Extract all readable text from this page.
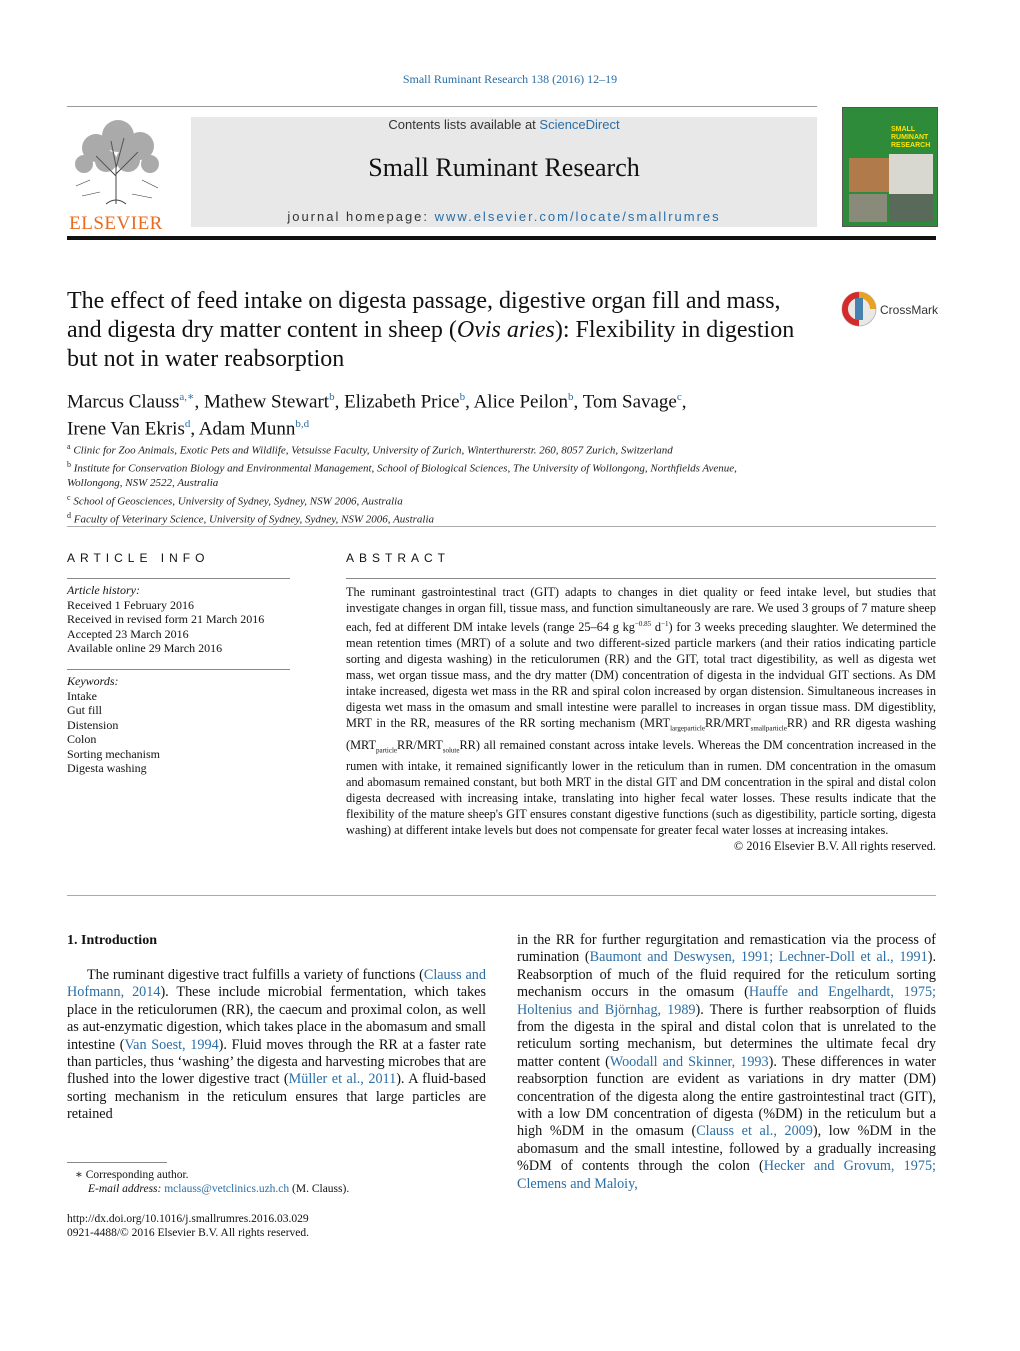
Small Ruminant Research 138 (2016) 12–19
ELSEVIER
Contents lists available at ScienceDirect
Small Ruminant Research
journal homepage: www.elsevier.com/locate/smallrumres
SMALL RUMINANT RESEARCH
The effect of feed intake on digesta passage, digestive organ fill and mass, and digesta dry matter content in sheep (Ovis aries): Flexibility in digestion but not in water reabsorption
CrossMark
Marcus Clauss$^{a,∗}$, Mathew Stewart$^b$, Elizabeth Price$^b$, Alice Peilon$^b$, Tom Savage$^c$,
Irene Van Ekris$^d$, Adam Munn$^{b,d}$
$^a$ Clinic for Zoo Animals, Exotic Pets and Wildlife, Vetsuisse Faculty, University of Zurich, Winterthurerstr. 260, 8057 Zurich, Switzerland
$^b$ Institute for Conservation Biology and Environmental Management, School of Biological Sciences, The University of Wollongong, Northfields Avenue,
Wollongong, NSW 2522, Australia
$^c$ School of Geosciences, University of Sydney, Sydney, NSW 2006, Australia
$^d$ Faculty of Veterinary Science, University of Sydney, Sydney, NSW 2006, Australia
ARTICLE INFO
Article history:
Received 1 February 2016
Received in revised form 21 March 2016
Accepted 23 March 2016
Available online 29 March 2016
Keywords:
Intake
Gut fill
Distension
Colon
Sorting mechanism
Digesta washing
ABSTRACT
The ruminant gastrointestinal tract (GIT) adapts to changes in diet quality or feed intake level, but studies that investigate changes in organ fill, tissue mass, and function simultaneously are rare. We used 3 groups of 7 mature sheep each, fed at different DM intake levels (range 25–64 g $kg^{-0.85}$ $d^{-1}$) for 3 weeks preceding slaughter. We determined the mean retention times (MRT) of a solute and two different-sized particle markers (and their ratios indicating particle sorting and digesta washing) in the reticulorumen (RR) and the GIT, total tract digestibility, as well as digesta wet mass, wet organ tissue mass, and the dry matter (DM) concentration of digesta in the indvidual GIT sections. As DM intake increased, digesta wet mass in the RR and spiral colon increased by organ distension. Simultaneous increases in digesta wet mass in the omasum and small intestine were parallel to increases in organ tissue mass. DM digestiblity, MRT in the RR, measures of the RR sorting mechanism $(MRT_{largeparticle}RR/MRT_{smallparticle}RR)$ and RR digesta washing $(MRT_{particle}RR/MRT_{solute}RR)$ all remained constant across intake levels. Whereas the DM concentration increased in the rumen with intake, it remained significantly lower in the reticulum than in rumen. DM concentration in the omasum and abomasum remained constant, but both MRT in the distal GIT and DM concentration in the spiral and distal colon digesta decreased with increasing intake, translating into higher fecal water losses. These results indicate that the flexibility of the mature sheep's GIT ensures constant digestive functions (such as digestibility, particle sorting, digesta washing) at different intake levels but does not compensate for greater fecal water losses at increasing intakes.
© 2016 Elsevier B.V. All rights reserved.
1. Introduction

The ruminant digestive tract fulfills a variety of functions (Clauss and Hofmann, 2014). These include microbial fermentation, which takes place in the reticulorumen (RR), the caecum and proximal colon, as well as aut-enzymatic digestion, which takes place in the abomasum and small intestine (Van Soest, 1994). Fluid moves through the RR at a faster rate than particles, thus ‘washing’ the digesta and harvesting microbes that are flushed into the lower digestive tract (Müller et al., 2011). A fluid-based sorting mechanism in the reticulum ensures that large particles are retained

in the RR for further regurgitation and remastication via the process of rumination (Baumont and Deswysen, 1991; Lechner-Doll et al., 1991). Reabsorption of much of the fluid required for the reticulum sorting mechanism occurs in the omasum (Hauffe and Engelhardt, 1975; Holtenius and Björnhag, 1989). There is further reabsorption of fluids from the digesta in the spiral and distal colon that is unrelated to the reticulum sorting mechanism, but determines the ultimate fecal dry matter content (Woodall and Skinner, 1993). These differences in water reabsorption function are evident as variations in dry matter (DM) concentration of the digesta along the entire gastrointestinal tract (GIT), with a low DM concentration of digesta (%DM) in the reticulum but a high %DM in the omasum (Clauss et al., 2009), low %DM in the abomasum and the small intestine, followed by a gradually increasing %DM of contents through the colon (Hecker and Grovum, 1975; Clemens and Maloiy,

∗ Corresponding author.
E-mail address: mclauss@vetclinics.uzh.ch (M. Clauss).
http://dx.doi.org/10.1016/j.smallrumres.2016.03.029
0921-4488/© 2016 Elsevier B.V. All rights reserved.
